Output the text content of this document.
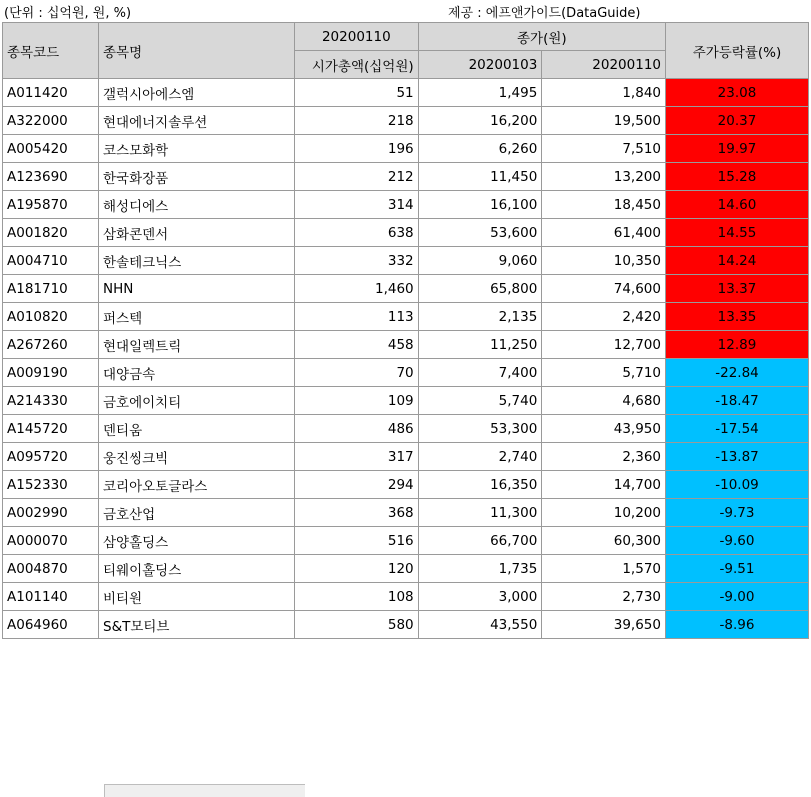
(단위 : 십억원, 원, %)	제공 : 에프앤가이드(DataGuide)
종목코드	종목명	20200110	종가(원)		주가등락률(%)
		시가총액(십억원)	20200103	20200110	
A011420	갤럭시아에스엠	51	1,495	1,840	23.08
A322000	현대에너지솔루션	218	16,200	19,500	20.37
A005420	코스모화학	196	6,260	7,510	19.97
A123690	한국화장품	212	11,450	13,200	15.28
A195870	해성디에스	314	16,100	18,450	14.60
A001820	삼화콘덴서	638	53,600	61,400	14.55
A004710	한솔테크닉스	332	9,060	10,350	14.24
A181710	NHN	1,460	65,800	74,600	13.37
A010820	퍼스텍	113	2,135	2,420	13.35
A267260	현대일렉트릭	458	11,250	12,700	12.89
A009190	대양금속	70	7,400	5,710	-22.84
A214330	금호에이치티	109	5,740	4,680	-18.47
A145720	덴티움	486	53,300	43,950	-17.54
A095720	웅진씽크빅	317	2,740	2,360	-13.87
A152330	코리아오토글라스	294	16,350	14,700	-10.09
A002990	금호산업	368	11,300	10,200	-9.73
A000070	삼양홀딩스	516	66,700	60,300	-9.60
A004870	티웨이홀딩스	120	1,735	1,570	-9.51
A101140	비티원	108	3,000	2,730	-9.00
A064960	S&T모티브	580	43,550	39,650	-8.96
